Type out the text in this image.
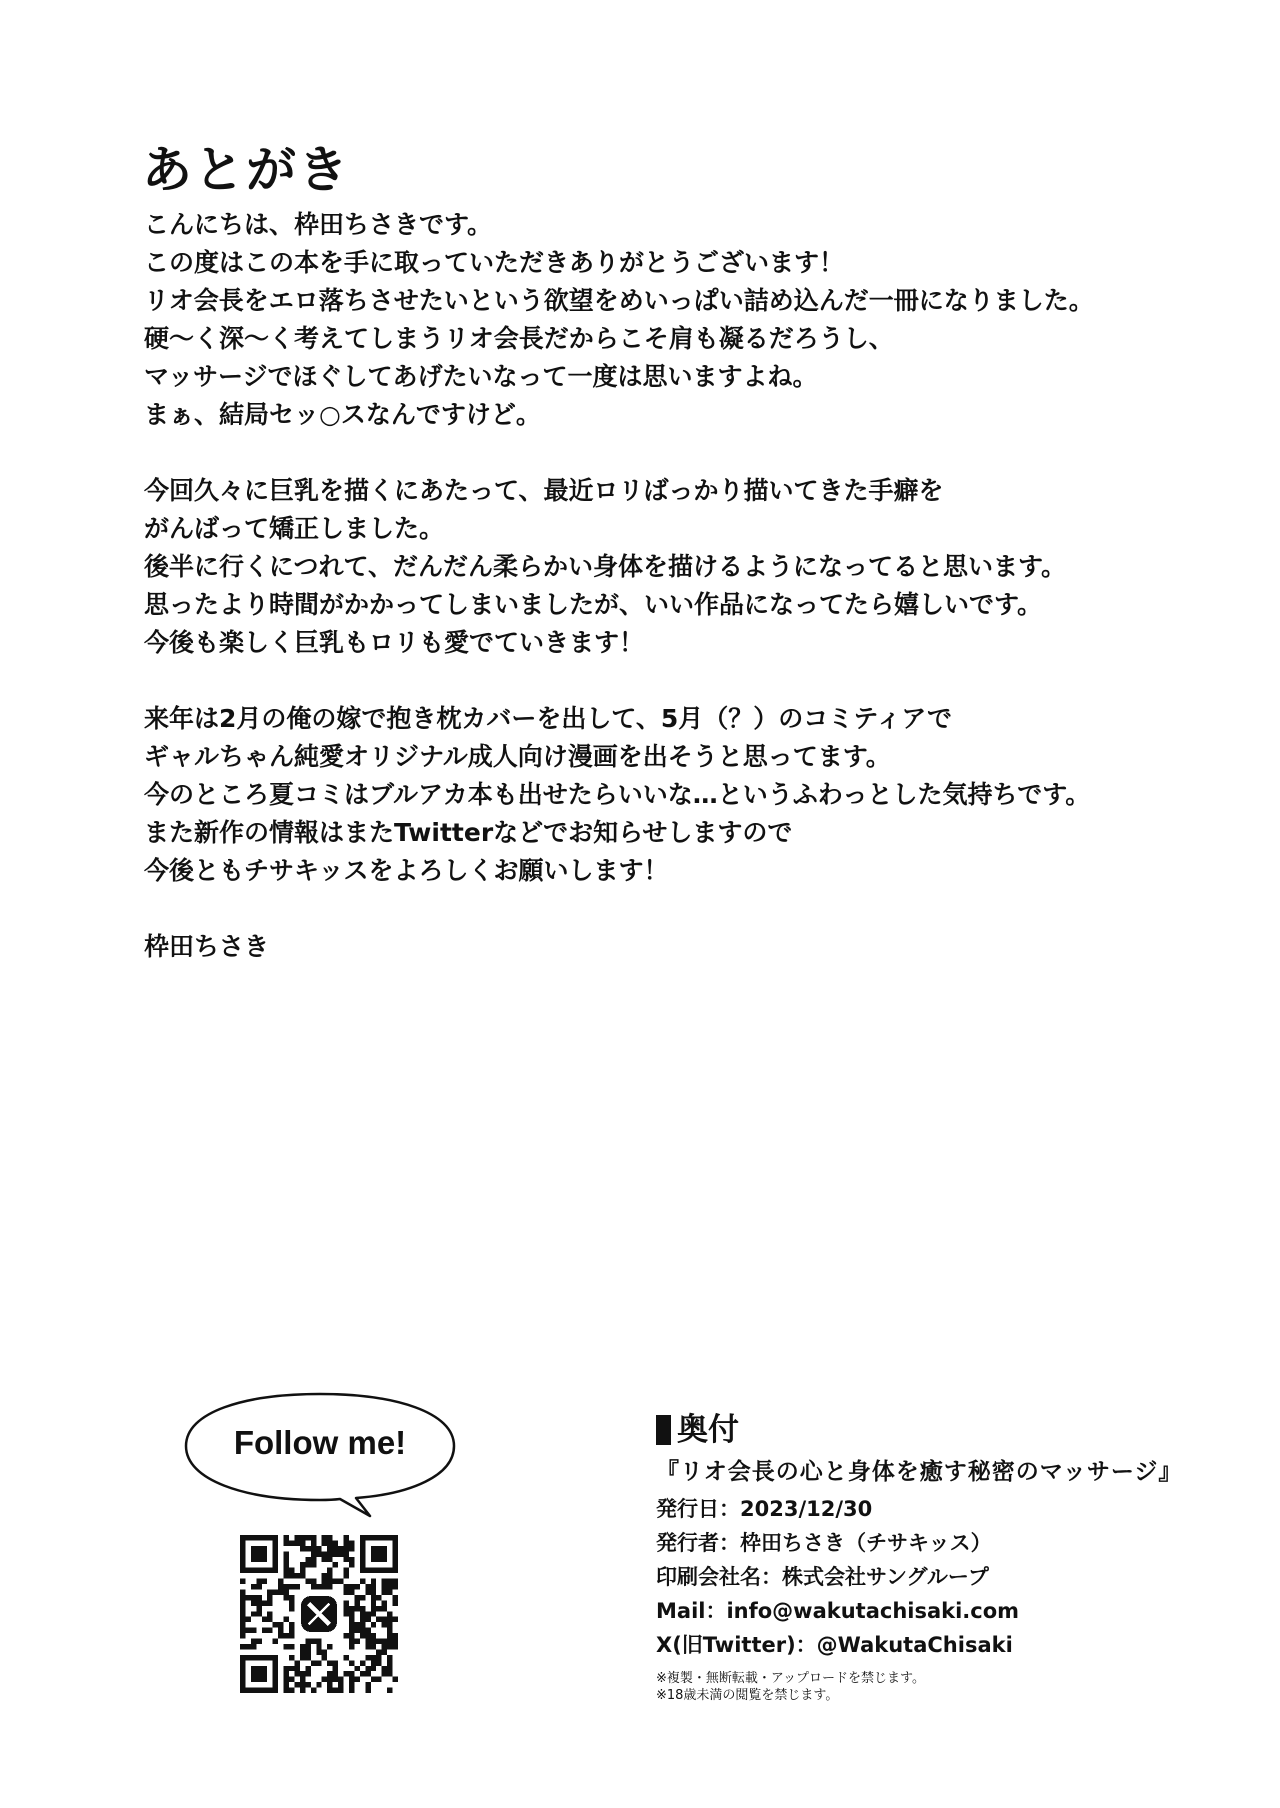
あとがき
こんにちは、枠田ちさきです。
この度はこの本を手に取っていただきありがとうございます！
リオ会長をエロ落ちさせたいという欲望をめいっぱい詰め込んだ一冊になりました。
硬〜く深〜く考えてしまうリオ会長だからこそ肩も凝るだろうし、
マッサージでほぐしてあげたいなって一度は思いますよね。
まぁ、結局セッ○スなんですけど。
今回久々に巨乳を描くにあたって、最近ロリばっかり描いてきた手癖を
がんばって矯正しました。
後半に行くにつれて、だんだん柔らかい身体を描けるようになってると思います。
思ったより時間がかかってしまいましたが、いい作品になってたら嬉しいです。
今後も楽しく巨乳もロリも愛でていきます！
来年は2月の俺の嫁で抱き枕カバーを出して、5月（？）のコミティアで
ギャルちゃん純愛オリジナル成人向け漫画を出そうと思ってます。
今のところ夏コミはブルアカ本も出せたらいいな…というふわっとした気持ちです。
また新作の情報はまたTwitterなどでお知らせしますので
今後ともチサキッスをよろしくお願いします！
枠田ちさき
Follow me!	奥付
『リオ会長の心と身体を癒す秘密のマッサージ』
発行日：2023/12/30
発行者：枠田ちさき（チサキッス）
印刷会社名：株式会社サングループ
Mail：info@wakutachisaki.com
X(旧Twitter)：@WakutaChisaki
※複製・無断転載・アップロードを禁じます。
※18歳未満の閲覧を禁じます。
